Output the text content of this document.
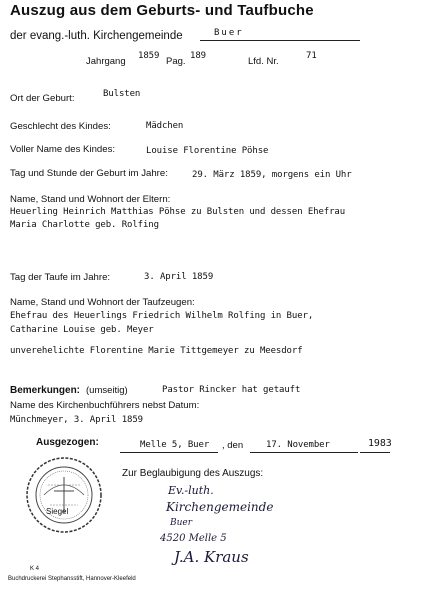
Auszug aus dem Geburts- und Taufbuche
der evang.-luth. Kirchengemeinde	Buer
Jahrgang 1859 Pag. 189	Lfd. Nr.	71
Ort der Geburt:	Bulsten
Geschlecht des Kindes:	Mädchen
Voller Name des Kindes:	Louise Florentine Pöhse
Tag und Stunde der Geburt im Jahre:	29. März 1859, morgens ein Uhr
Name, Stand und Wohnort der Eltern:
Heuerling Heinrich Matthias Pöhse zu Bulsten und dessen Ehefrau
Maria Charlotte geb. Rolfing
Tag der Taufe im Jahre:	3. April 1859
Name, Stand und Wohnort der Taufzeugen:
Ehefrau des Heuerlings Friedrich Wilhelm Rolfing in Buer,
Catharine Louise geb. Meyer
unverehelichte Florentine Marie Tittgemeyer zu Meesdorf
Bemerkungen: (umseitig)	Pastor Rincker hat getauft
Name des Kirchenbuchführers nebst Datum:
Münchmeyer, 3. April 1859
Ausgezogen:	Melle 5, Buer , den	17. November	1983
Siegel
Zur Beglaubigung des Auszugs:
Ev.-luth.
Kirchengemeinde
Buer
4520 Melle 5
J.A. Kraus
K 4
Buchdruckerei Stephansstift, Hannover-Kleefeld
